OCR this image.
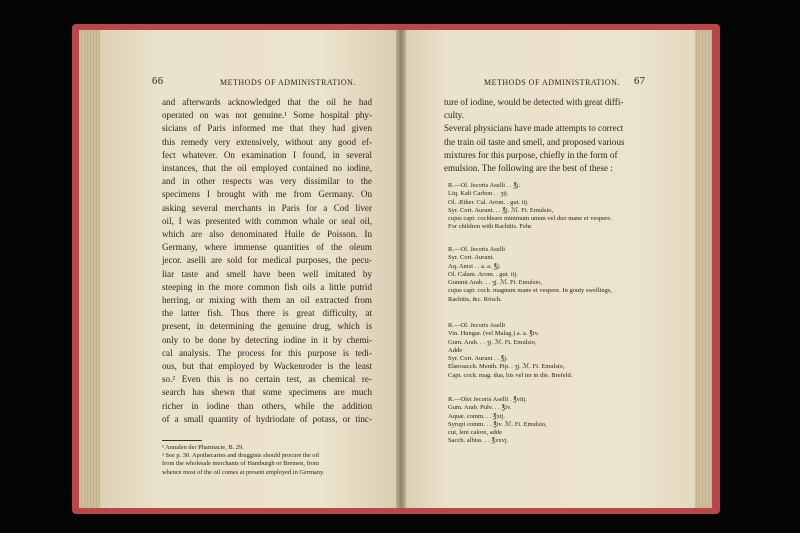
66	METHODS OF ADMINISTRATION.
and afterwards acknowledged that the oil he had
operated on was not genuine.¹ Some hospital phy-
sicians of Paris informed me that they had given
this remedy very extensively, without any good ef-
fect whatever. On examination I found, in several
instances, that the oil employed contained no iodine,
and in other respects was very dissimilar to the
specimens I brought with me from Germany. On
asking several merchants in Paris for a Cod liver
oil, I was presented with common whale or seal oil,
which are also denominated Huile de Poisson. In
Germany, where immense quantities of the oleum
jecor. aselli are sold for medical purposes, the pecu-
liar taste and smell have been well imitated by
steeping in the more common fish oils a little putrid
herring, or mixing with them an oil extracted from
the latter fish. Thus there is great difficulty, at
present, in determining the genuine drug, which is
only to be done by detecting iodine in it by chemi-
cal analysis. The process for this purpose is tedi-
ous, but that employed by Wackenroder is the least
so.² Even this is no certain test, as chemical re-
search has shewn that some specimens are much
richer in iodine than others, while the addition
of a small quantity of hydriodate of potass, or tinc-
¹ Annalen der Pharmacie, B. 29.
² See p. 30. Apothecaries and druggists should procure the oil
from the wholesale merchants of Hamburgh or Bremen, from
whence most of the oil comes at present employed in Germany.
METHODS OF ADMINISTRATION. 67
ture of iodine, would be detected with great diffi-
culty.
Several physicians have made attempts to correct
the train oil taste and smell, and proposed various
mixtures for this purpose, chiefly in the form of
emulsion. The following are the best of these :
R.—Ol. Jecoris Aselli . . ℥j.
Liq. Kali Carbon . . ʒij.
Ol. Æther. Cal. Arom. . gut. iij.
Syr. Cort. Aurant. . . ℥j. ℳ. Ft. Emulsio,
cujus capt. cochleare minimum unum vel duo mane et vespere.
For children with Rachitis. Fehr.
R.—Ol. Jecoris Aselli
Syr. Cort. Aurant.
Aq. Anisi . . a. a. ℥j.
Ol. Calam. Arom. . gut. iij.
Gummi Arab. . . ʒj. ℳ. Ft. Emulsio,
cujus capt. coch. magnum mane et vespere. In gouty swellings,
Rachitis, &c. Rösch.
R.—Ol. Jecoris Aselli
Vin. Hungar. (vel Malag.) a. a. ℥iv.
Gum. Arab. . . ʒj. ℳ. Ft. Emulsio,
Adde
Syr. Cort. Aurant . . ℥j.
Elæosacch. Menth. Pip. . ʒj. ℳ. Ft. Emulsio,
Capt. coch. mag. dua, bis vel ter in die. Brefeld.
R.—Olei Jecoris Aselli . ℥viij.
Gum. Arab. Pulv. . . ℥iv.
Aquæ. comm. . . ℥xij.
Syrupi comm. . . ℥iv. ℳ. Ft. Emulsio,
cui, leni calore, adde
Sacch. albiss. . . ℥xxvj.
